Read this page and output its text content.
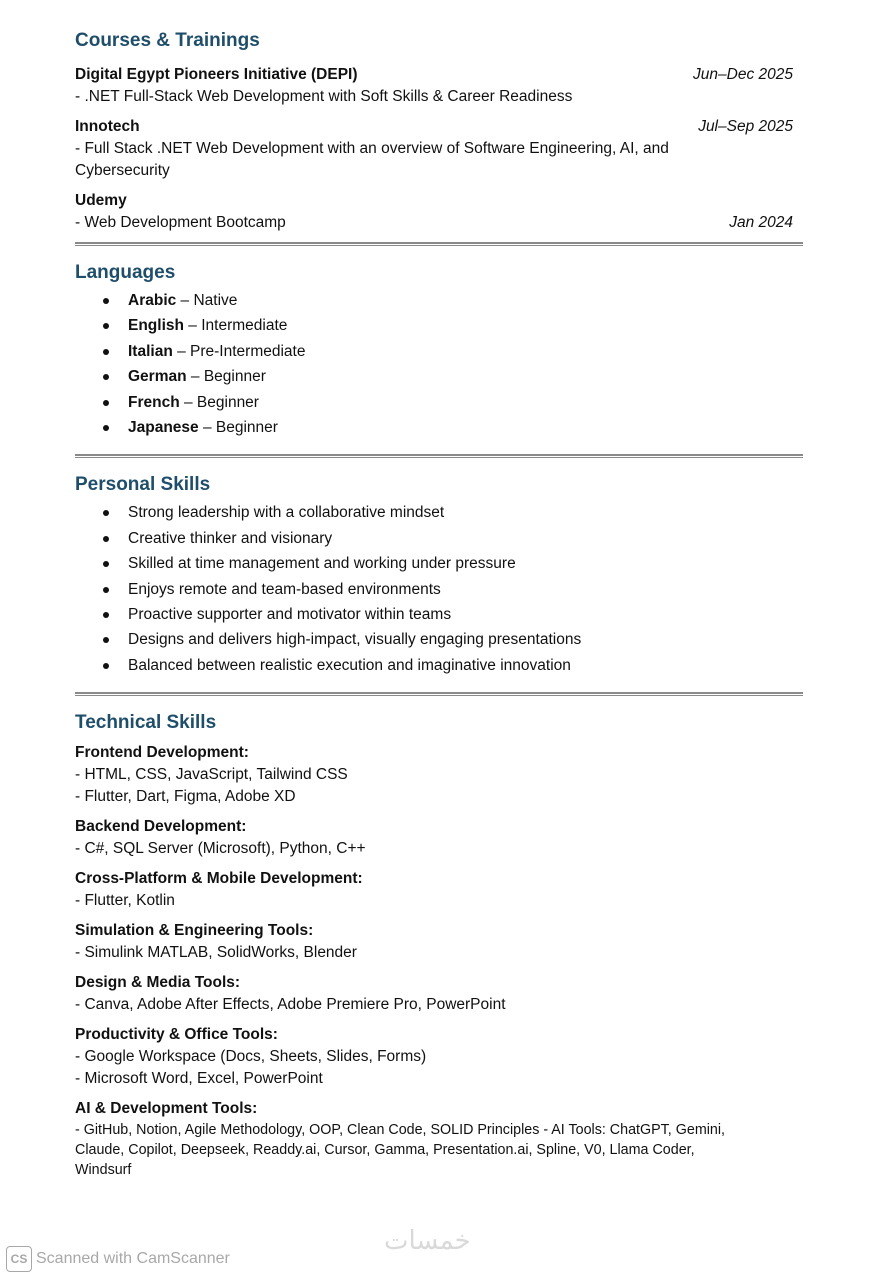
Courses & Trainings
Digital Egypt Pioneers Initiative (DEPI)	Jun–Dec 2025
- .NET Full-Stack Web Development with Soft Skills & Career Readiness
Innotech	Jul–Sep 2025
- Full Stack .NET Web Development with an overview of Software Engineering, AI, and
Cybersecurity
Udemy
- Web Development Bootcamp	Jan 2024
Languages
Arabic – Native
English – Intermediate
Italian – Pre-Intermediate
German – Beginner
French – Beginner
Japanese – Beginner
Personal Skills
Strong leadership with a collaborative mindset
Creative thinker and visionary
Skilled at time management and working under pressure
Enjoys remote and team-based environments
Proactive supporter and motivator within teams
Designs and delivers high-impact, visually engaging presentations
Balanced between realistic execution and imaginative innovation
Technical Skills
Frontend Development:
- HTML, CSS, JavaScript, Tailwind CSS
- Flutter, Dart, Figma, Adobe XD
Backend Development:
- C#, SQL Server (Microsoft), Python, C++
Cross-Platform & Mobile Development:
- Flutter, Kotlin
Simulation & Engineering Tools:
- Simulink MATLAB, SolidWorks, Blender
Design & Media Tools:
- Canva, Adobe After Effects, Adobe Premiere Pro, PowerPoint
Productivity & Office Tools:
- Google Workspace (Docs, Sheets, Slides, Forms)
- Microsoft Word, Excel, PowerPoint
AI & Development Tools:
- GitHub, Notion, Agile Methodology, OOP, Clean Code, SOLID Principles - AI Tools: ChatGPT, Gemini,
Claude, Copilot, Deepseek, Readdy.ai, Cursor, Gamma, Presentation.ai, Spline, V0, Llama Coder,
Windsurf
خمسات
CS Scanned with CamScanner
